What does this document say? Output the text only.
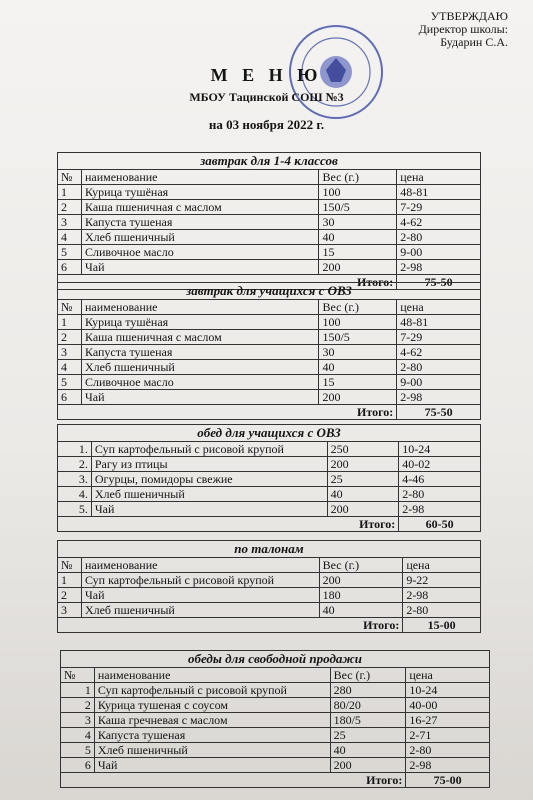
УТВЕРЖДАЮ
Директор школы:
Бударин С.А.
М Е Н Ю
МБОУ Тацинской СОШ №3
на 03 ноября 2022 г.
завтрак для 1-4 классов			
№	наименование	Вес (г.)	цена
1	Курица тушёная	100	48-81
2	Каша пшеничная с маслом	150/5	7-29
3	Капуста тушеная	30	4-62
4	Хлеб пшеничный	40	2-80
5	Сливочное масло	15	9-00
6	Чай	200	2-98
Итого:			75-50
завтрак для учащихся с ОВЗ			
№	наименование	Вес (г.)	цена
1	Курица тушёная	100	48-81
2	Каша пшеничная с маслом	150/5	7-29
3	Капуста тушеная	30	4-62
4	Хлеб пшеничный	40	2-80
5	Сливочное масло	15	9-00
6	Чай	200	2-98
Итого:			75-50
обед для учащихся с ОВЗ			
1.	Суп картофельный с рисовой крупой	250	10-24
2.	Рагу из птицы	200	40-02
3.	Огурцы, помидоры свежие	25	4-46
4.	Хлеб пшеничный	40	2-80
5.	Чай	200	2-98
Итого:			60-50
по талонам			
№	наименование	Вес (г.)	цена
1	Суп картофельный с рисовой крупой	200	9-22
2	Чай	180	2-98
3	Хлеб пшеничный	40	2-80
Итого:			15-00
обеды для свободной продажи			
№	наименование	Вес (г.)	цена
1	Суп картофельный с рисовой крупой	280	10-24
2	Курица тушеная с соусом	80/20	40-00
3	Каша гречневая с маслом	180/5	16-27
4	Капуста тушеная	25	2-71
5	Хлеб пшеничный	40	2-80
6	Чай	200	2-98
Итого:			75-00
